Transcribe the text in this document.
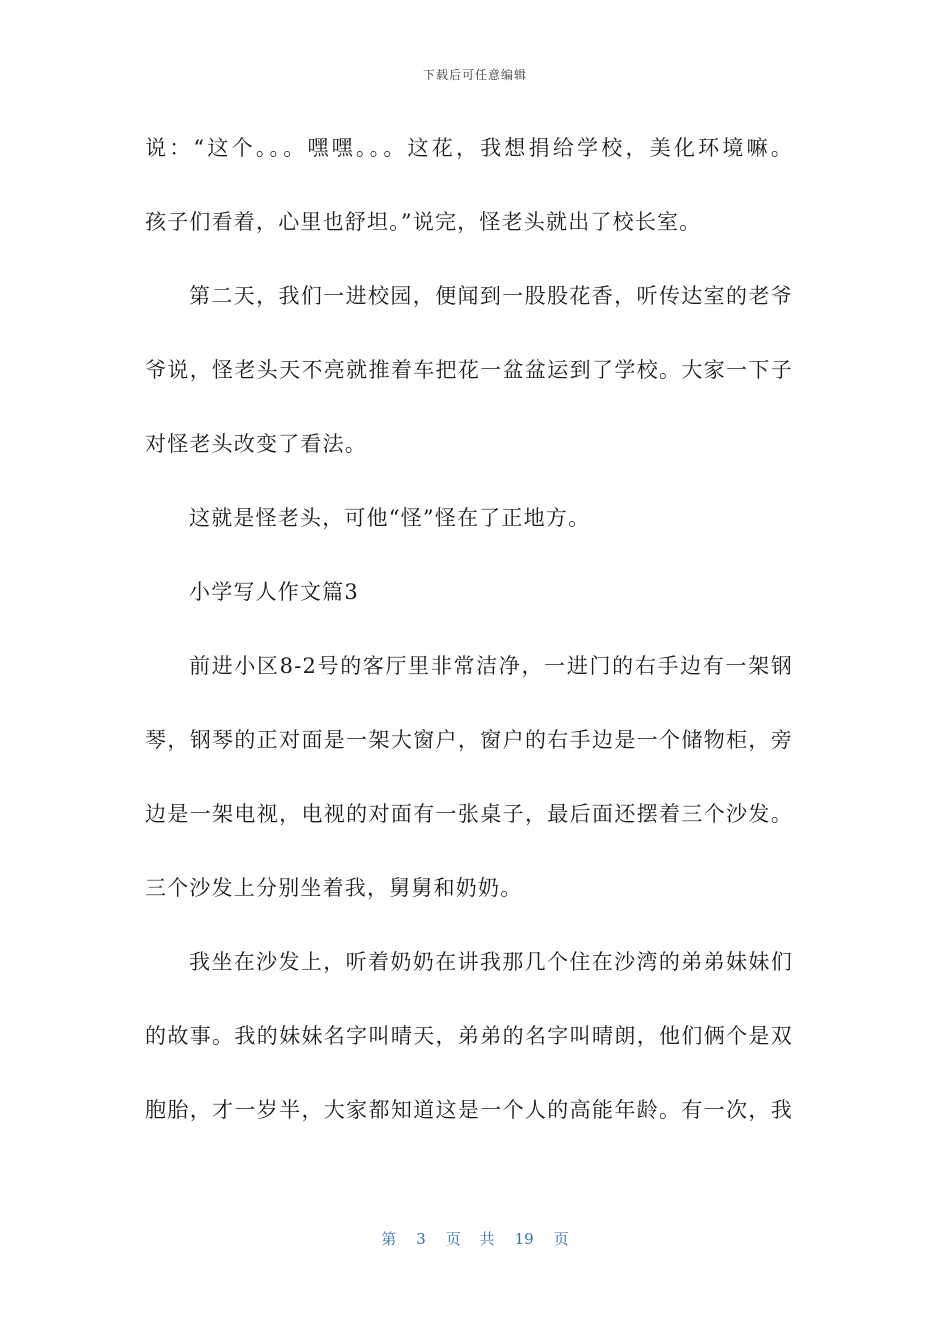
下载后可任意编辑
说：“这个。。。嘿嘿。。。这花，我想捐给学校，美化环境嘛。
孩子们看着，心里也舒坦。”说完，怪老头就出了校长室。
第二天，我们一进校园，便闻到一股股花香，听传达室的老爷
爷说，怪老头天不亮就推着车把花一盆盆运到了学校。大家一下子
对怪老头改变了看法。
这就是怪老头，可他“怪”怪在了正地方。
小学写人作文篇3
前进小区8-2号的客厅里非常洁净，一进门的右手边有一架钢
琴，钢琴的正对面是一架大窗户，窗户的右手边是一个储物柜，旁
边是一架电视，电视的对面有一张桌子，最后面还摆着三个沙发。
三个沙发上分别坐着我，舅舅和奶奶。
我坐在沙发上，听着奶奶在讲我那几个住在沙湾的弟弟妹妹们
的故事。我的妹妹名字叫晴天，弟弟的名字叫晴朗，他们俩个是双
胞胎，才一岁半，大家都知道这是一个人的高能年龄。有一次，我
第 3 页 共 19 页
